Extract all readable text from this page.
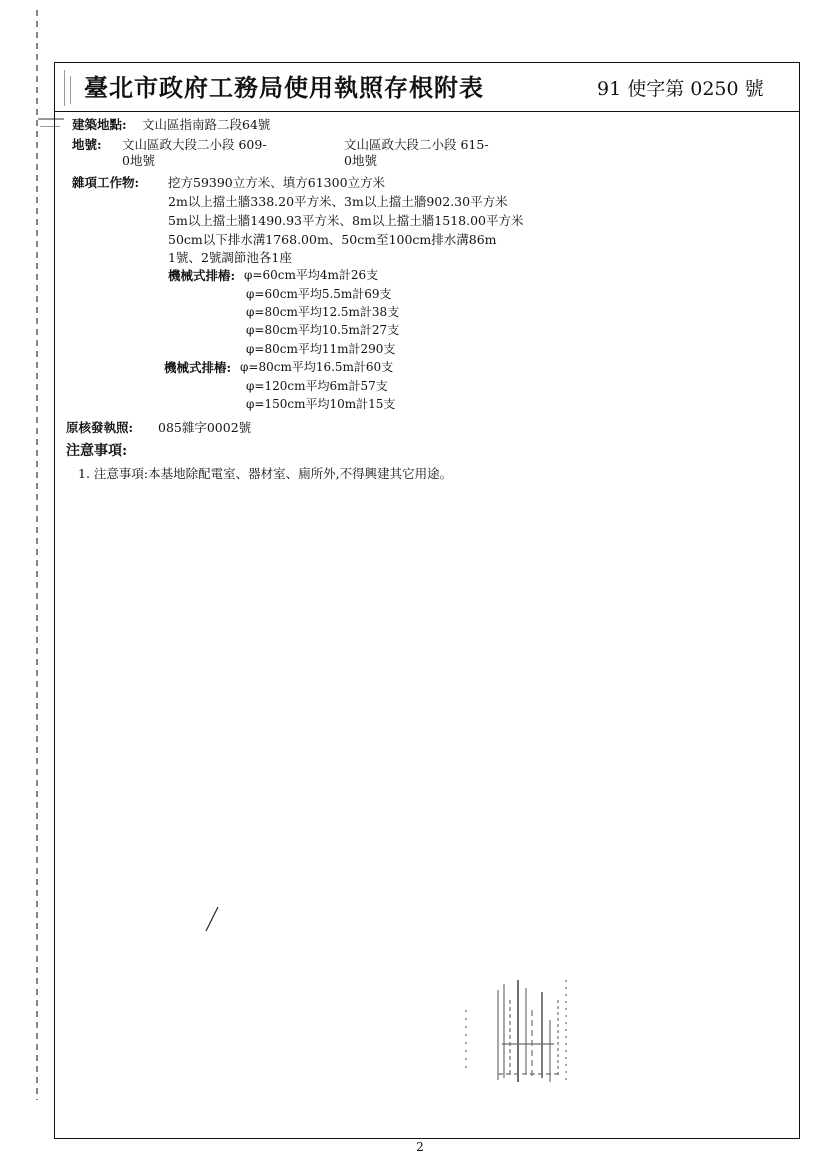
臺北市政府工務局使用執照存根附表	91 使字第 0250 號
建築地點: 文山區指南路二段64號
地號: 文山區政大段二小段 609-
0地號
文山區政大段二小段 615-
0地號
雜項工作物: 挖方59390立方米、填方61300立方米
2m以上擋土牆338.20平方米、3m以上擋土牆902.30平方米
5m以上擋土牆1490.93平方米、8m以上擋土牆1518.00平方米
50cm以下排水溝1768.00m、50cm至100cm排水溝86m
1號、2號調節池各1座
機械式排樁: φ=60cm平均4m計26支
φ=60cm平均5.5m計69支
φ=80cm平均12.5m計38支
φ=80cm平均10.5m計27支
φ=80cm平均11m計290支
機械式排樁: φ=80cm平均16.5m計60支
φ=120cm平均6m計57支
φ=150cm平均10m計15支
原核發執照: 085雜字0002號
注意事項:
1. 注意事項:本基地除配電室、器材室、廁所外,不得興建其它用途。
2
